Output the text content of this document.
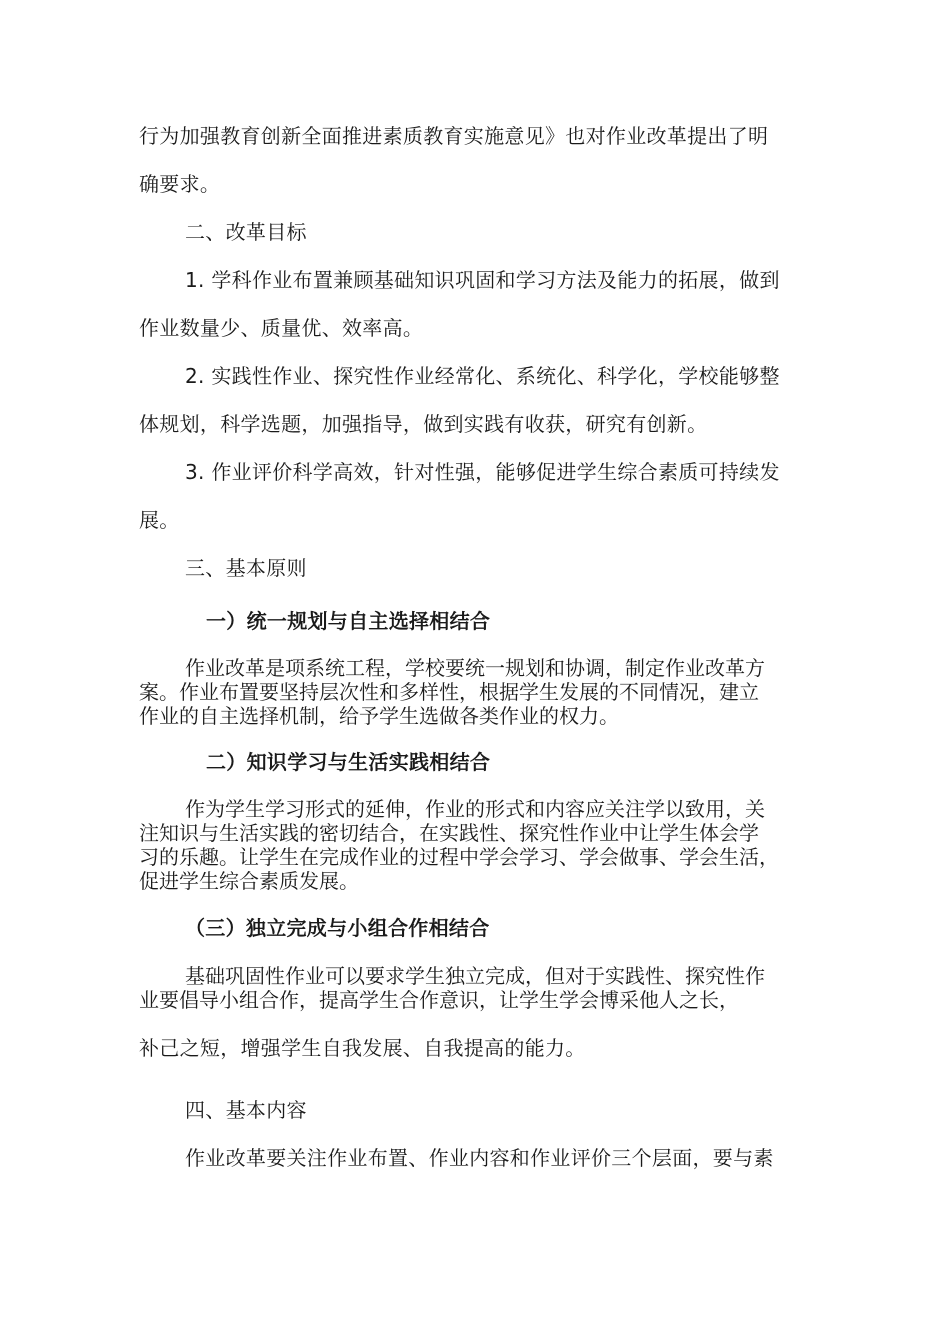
行为加强教育创新全面推进素质教育实施意见》也对作业改革提出了明
确要求。
二、改革目标
1. 学科作业布置兼顾基础知识巩固和学习方法及能力的拓展，做到
作业数量少、质量优、效率高。
2. 实践性作业、探究性作业经常化、系统化、科学化，学校能够整
体规划，科学选题，加强指导，做到实践有收获，研究有创新。
3. 作业评价科学高效，针对性强，能够促进学生综合素质可持续发
展。
三、基本原则
一）统一规划与自主选择相结合
作业改革是项系统工程，学校要统一规划和协调，制定作业改革方
案。作业布置要坚持层次性和多样性，根据学生发展的不同情况，建立
作业的自主选择机制，给予学生选做各类作业的权力。
二）知识学习与生活实践相结合
作为学生学习形式的延伸，作业的形式和内容应关注学以致用，关
注知识与生活实践的密切结合，在实践性、探究性作业中让学生体会学
习的乐趣。让学生在完成作业的过程中学会学习、学会做事、学会生活，
促进学生综合素质发展。
（三）独立完成与小组合作相结合
基础巩固性作业可以要求学生独立完成，但对于实践性、探究性作
业要倡导小组合作，提高学生合作意识，让学生学会博采他人之长，
补己之短，增强学生自我发展、自我提高的能力。
四、基本内容
作业改革要关注作业布置、作业内容和作业评价三个层面，要与素
